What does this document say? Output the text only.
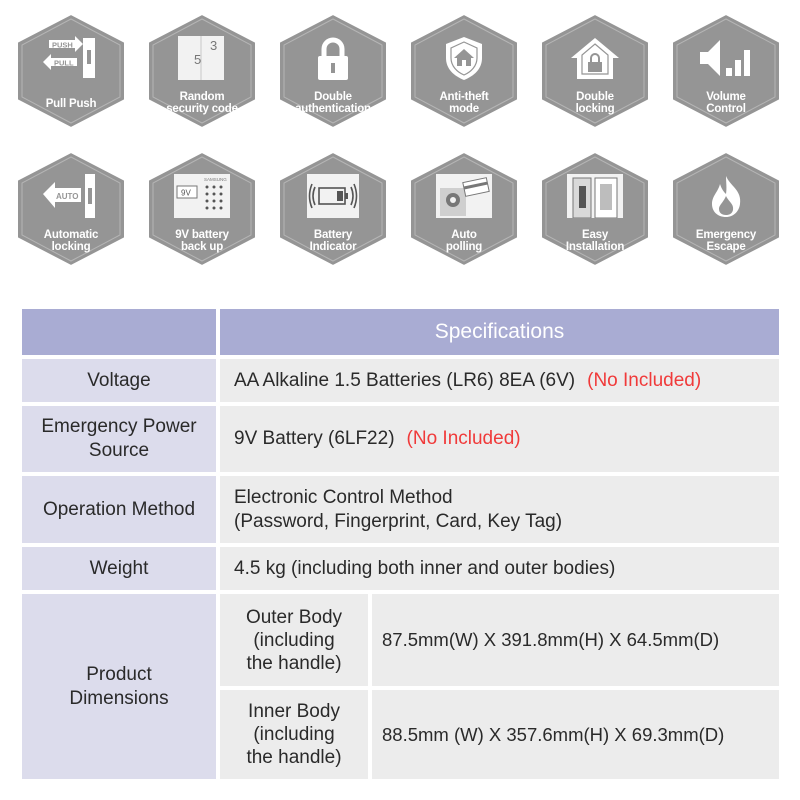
PUSH
PULL
Pull Push
3
5
Random
security code
Double
authentication
Anti-theft
mode
Double
locking
Volume
Control
AUTO
Automatic
locking
9V
SAMSUNG
9V battery
back up
Battery
Indicator
Auto
polling
Easy
Installation
Emergency
Escape
Specifications
Voltage	AA Alkaline 1.5 Batteries (LR6) 8EA (6V) (No Included)
Emergency Power
Source
9V Battery (6LF22) (No Included)
Operation Method
Electronic Control Method
(Password, Fingerprint, Card, Key Tag)
Weight	4.5 kg (including both inner and outer bodies)
Product
Dimensions
Outer Body
(including
the handle)
87.5mm(W) X 391.8mm(H) X 64.5mm(D)
Inner Body
(including
the handle)
88.5mm (W) X 357.6mm(H) X 69.3mm(D)
